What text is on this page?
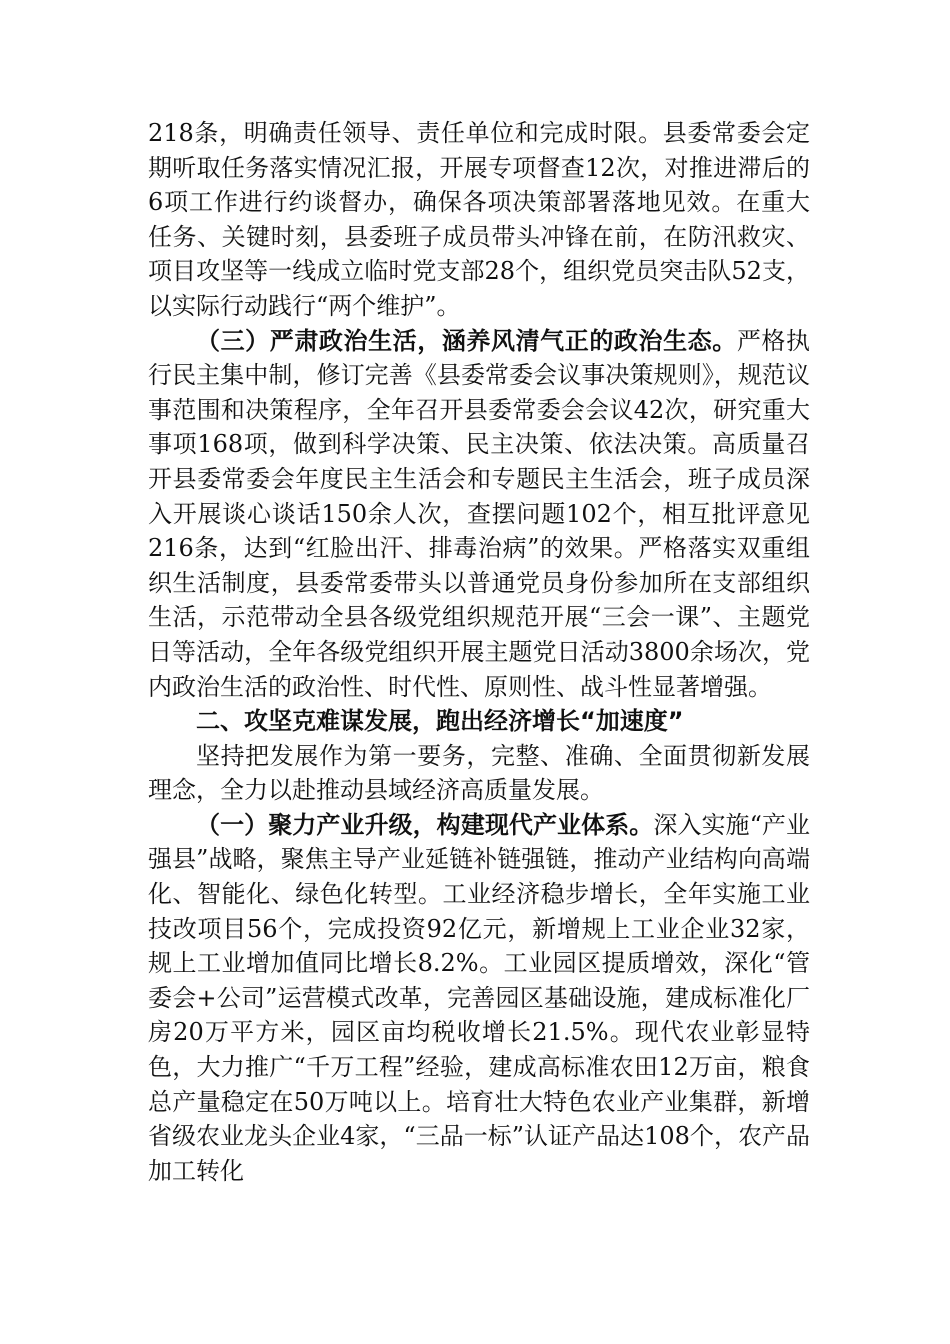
218条，明确责任领导、责任单位和完成时限。县委常委会定期听取任务落实情况汇报，开展专项督查12次，对推进滞后的6项工作进行约谈督办，确保各项决策部署落地见效。在重大任务、关键时刻，县委班子成员带头冲锋在前，在防汛救灾、项目攻坚等一线成立临时党支部28个，组织党员突击队52支，以实际行动践行“两个维护”。

（三）严肃政治生活，涵养风清气正的政治生态。严格执行民主集中制，修订完善《县委常委会议事决策规则》，规范议事范围和决策程序，全年召开县委常委会会议42次，研究重大事项168项，做到科学决策、民主决策、依法决策。高质量召开县委常委会年度民主生活会和专题民主生活会，班子成员深入开展谈心谈话150余人次，查摆问题102个，相互批评意见216条，达到“红脸出汗、排毒治病”的效果。严格落实双重组织生活制度，县委常委带头以普通党员身份参加所在支部组织生活，示范带动全县各级党组织规范开展“三会一课”、主题党日等活动，全年各级党组织开展主题党日活动3800余场次，党内政治生活的政治性、时代性、原则性、战斗性显著增强。

二、攻坚克难谋发展，跑出经济增长“加速度”

坚持把发展作为第一要务，完整、准确、全面贯彻新发展理念，全力以赴推动县域经济高质量发展。

（一）聚力产业升级，构建现代产业体系。深入实施“产业强县”战略，聚焦主导产业延链补链强链，推动产业结构向高端化、智能化、绿色化转型。工业经济稳步增长，全年实施工业技改项目56个，完成投资92亿元，新增规上工业企业32家，规上工业增加值同比增长8.2%。工业园区提质增效，深化“管委会+公司”运营模式改革，完善园区基础设施，建成标准化厂房20万平方米，园区亩均税收增长21.5%。现代农业彰显特色，大力推广“千万工程”经验，建成高标准农田12万亩，粮食总产量稳定在50万吨以上。培育壮大特色农业产业集群，新增省级农业龙头企业4家，“三品一标”认证产品达108个，农产品加工转化
